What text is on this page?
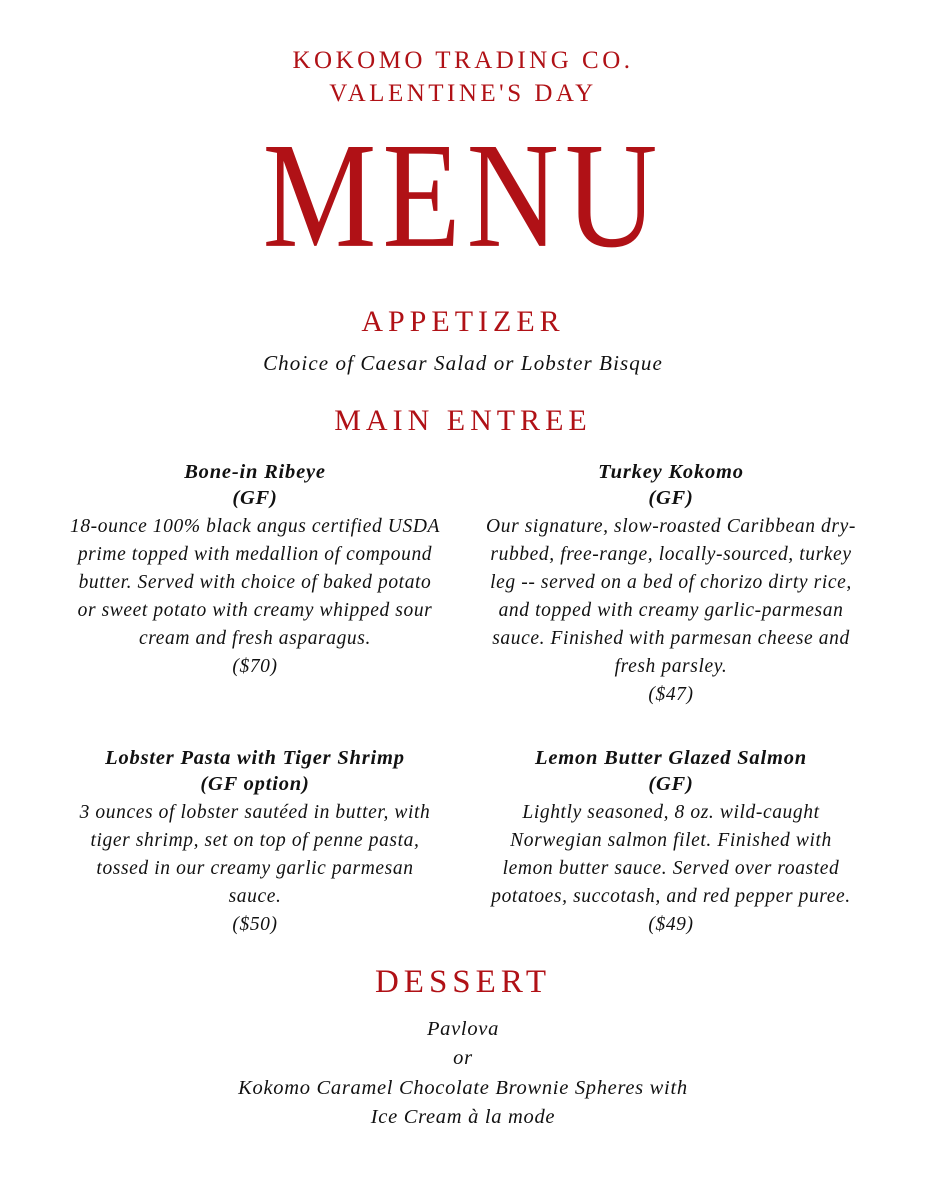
KOKOMO TRADING CO.
VALENTINE'S DAY
MENU
APPETIZER
Choice of Caesar Salad or Lobster Bisque
MAIN ENTREE
Bone-in Ribeye
(GF)
18-ounce 100% black angus certified USDA prime topped with medallion of compound butter. Served with choice of baked potato or sweet potato with creamy whipped sour cream and fresh asparagus.
($70)
Turkey Kokomo
(GF)
Our signature, slow-roasted Caribbean dry-rubbed, free-range, locally-sourced, turkey leg -- served on a bed of chorizo dirty rice, and topped with creamy garlic-parmesan sauce. Finished with parmesan cheese and fresh parsley.
($47)
Lobster Pasta with Tiger Shrimp
(GF option)
3 ounces of lobster sautéed in butter, with tiger shrimp, set on top of penne pasta, tossed in our creamy garlic parmesan sauce.
($50)
Lemon Butter Glazed Salmon
(GF)
Lightly seasoned, 8 oz. wild-caught Norwegian salmon filet. Finished with lemon butter sauce. Served over roasted potatoes, succotash, and red pepper puree.
($49)
DESSERT
Pavlova
or
Kokomo Caramel Chocolate Brownie Spheres with
Ice Cream à la mode
